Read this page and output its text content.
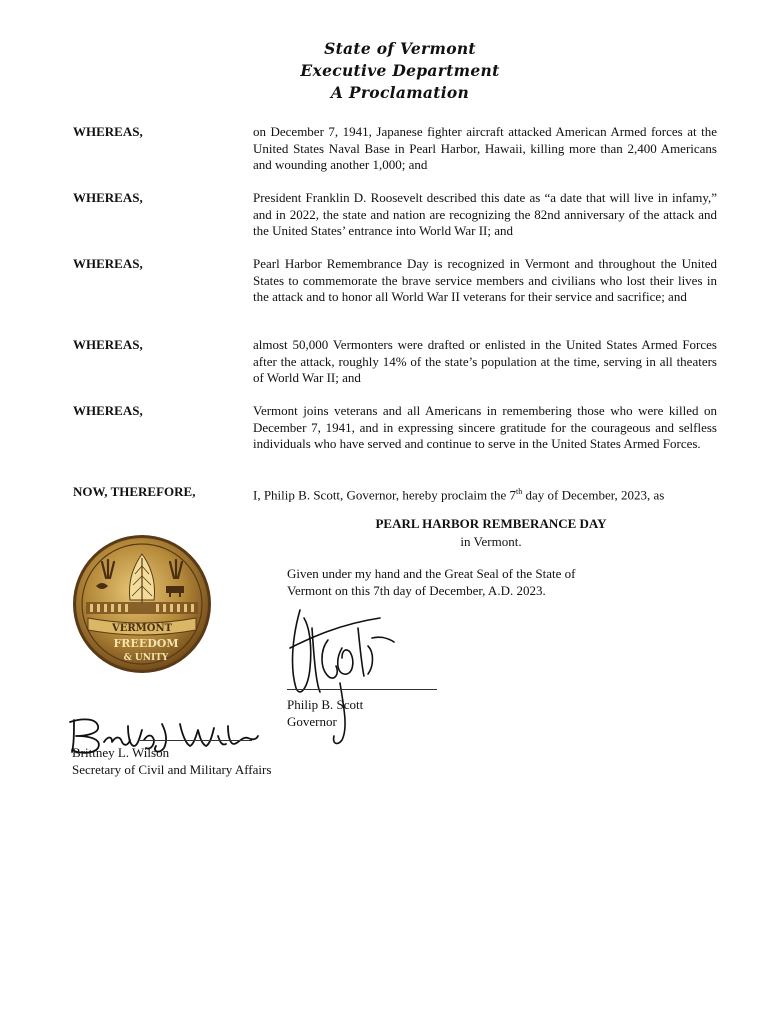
State of Vermont
Executive Department
A Proclamation
WHEREAS,	on December 7, 1941, Japanese fighter aircraft attacked American Armed forces at the United States Naval Base in Pearl Harbor, Hawaii, killing more than 2,400 Americans and wounding another 1,000; and
WHEREAS,	President Franklin D. Roosevelt described this date as “a date that will live in infamy,” and in 2022, the state and nation are recognizing the 82nd anniversary of the attack and the United States’ entrance into World War II; and
WHEREAS,	Pearl Harbor Remembrance Day is recognized in Vermont and throughout the United States to commemorate the brave service members and civilians who lost their lives in the attack and to honor all World War II veterans for their service and sacrifice; and
WHEREAS,	almost 50,000 Vermonters were drafted or enlisted in the United States Armed Forces after the attack, roughly 14% of the state’s population at the time, serving in all theaters of World War II; and
WHEREAS,	Vermont joins veterans and all Americans in remembering those who were killed on December 7, 1941, and in expressing sincere gratitude for the courageous and selfless individuals who have served and continue to serve in the United States Armed Forces.
NOW, THEREFORE,	I, Philip B. Scott, Governor, hereby proclaim the 7th day of December, 2023, as
PEARL HARBOR REMBERANCE DAY
in Vermont.
VERMONT
FREEDOM
& UNITY
Given under my hand and the Great Seal of the State of
Vermont on this 7th day of December, A.D. 2023.
Philip B. Scott
Governor
Brittney L. Wilson
Secretary of Civil and Military Affairs
